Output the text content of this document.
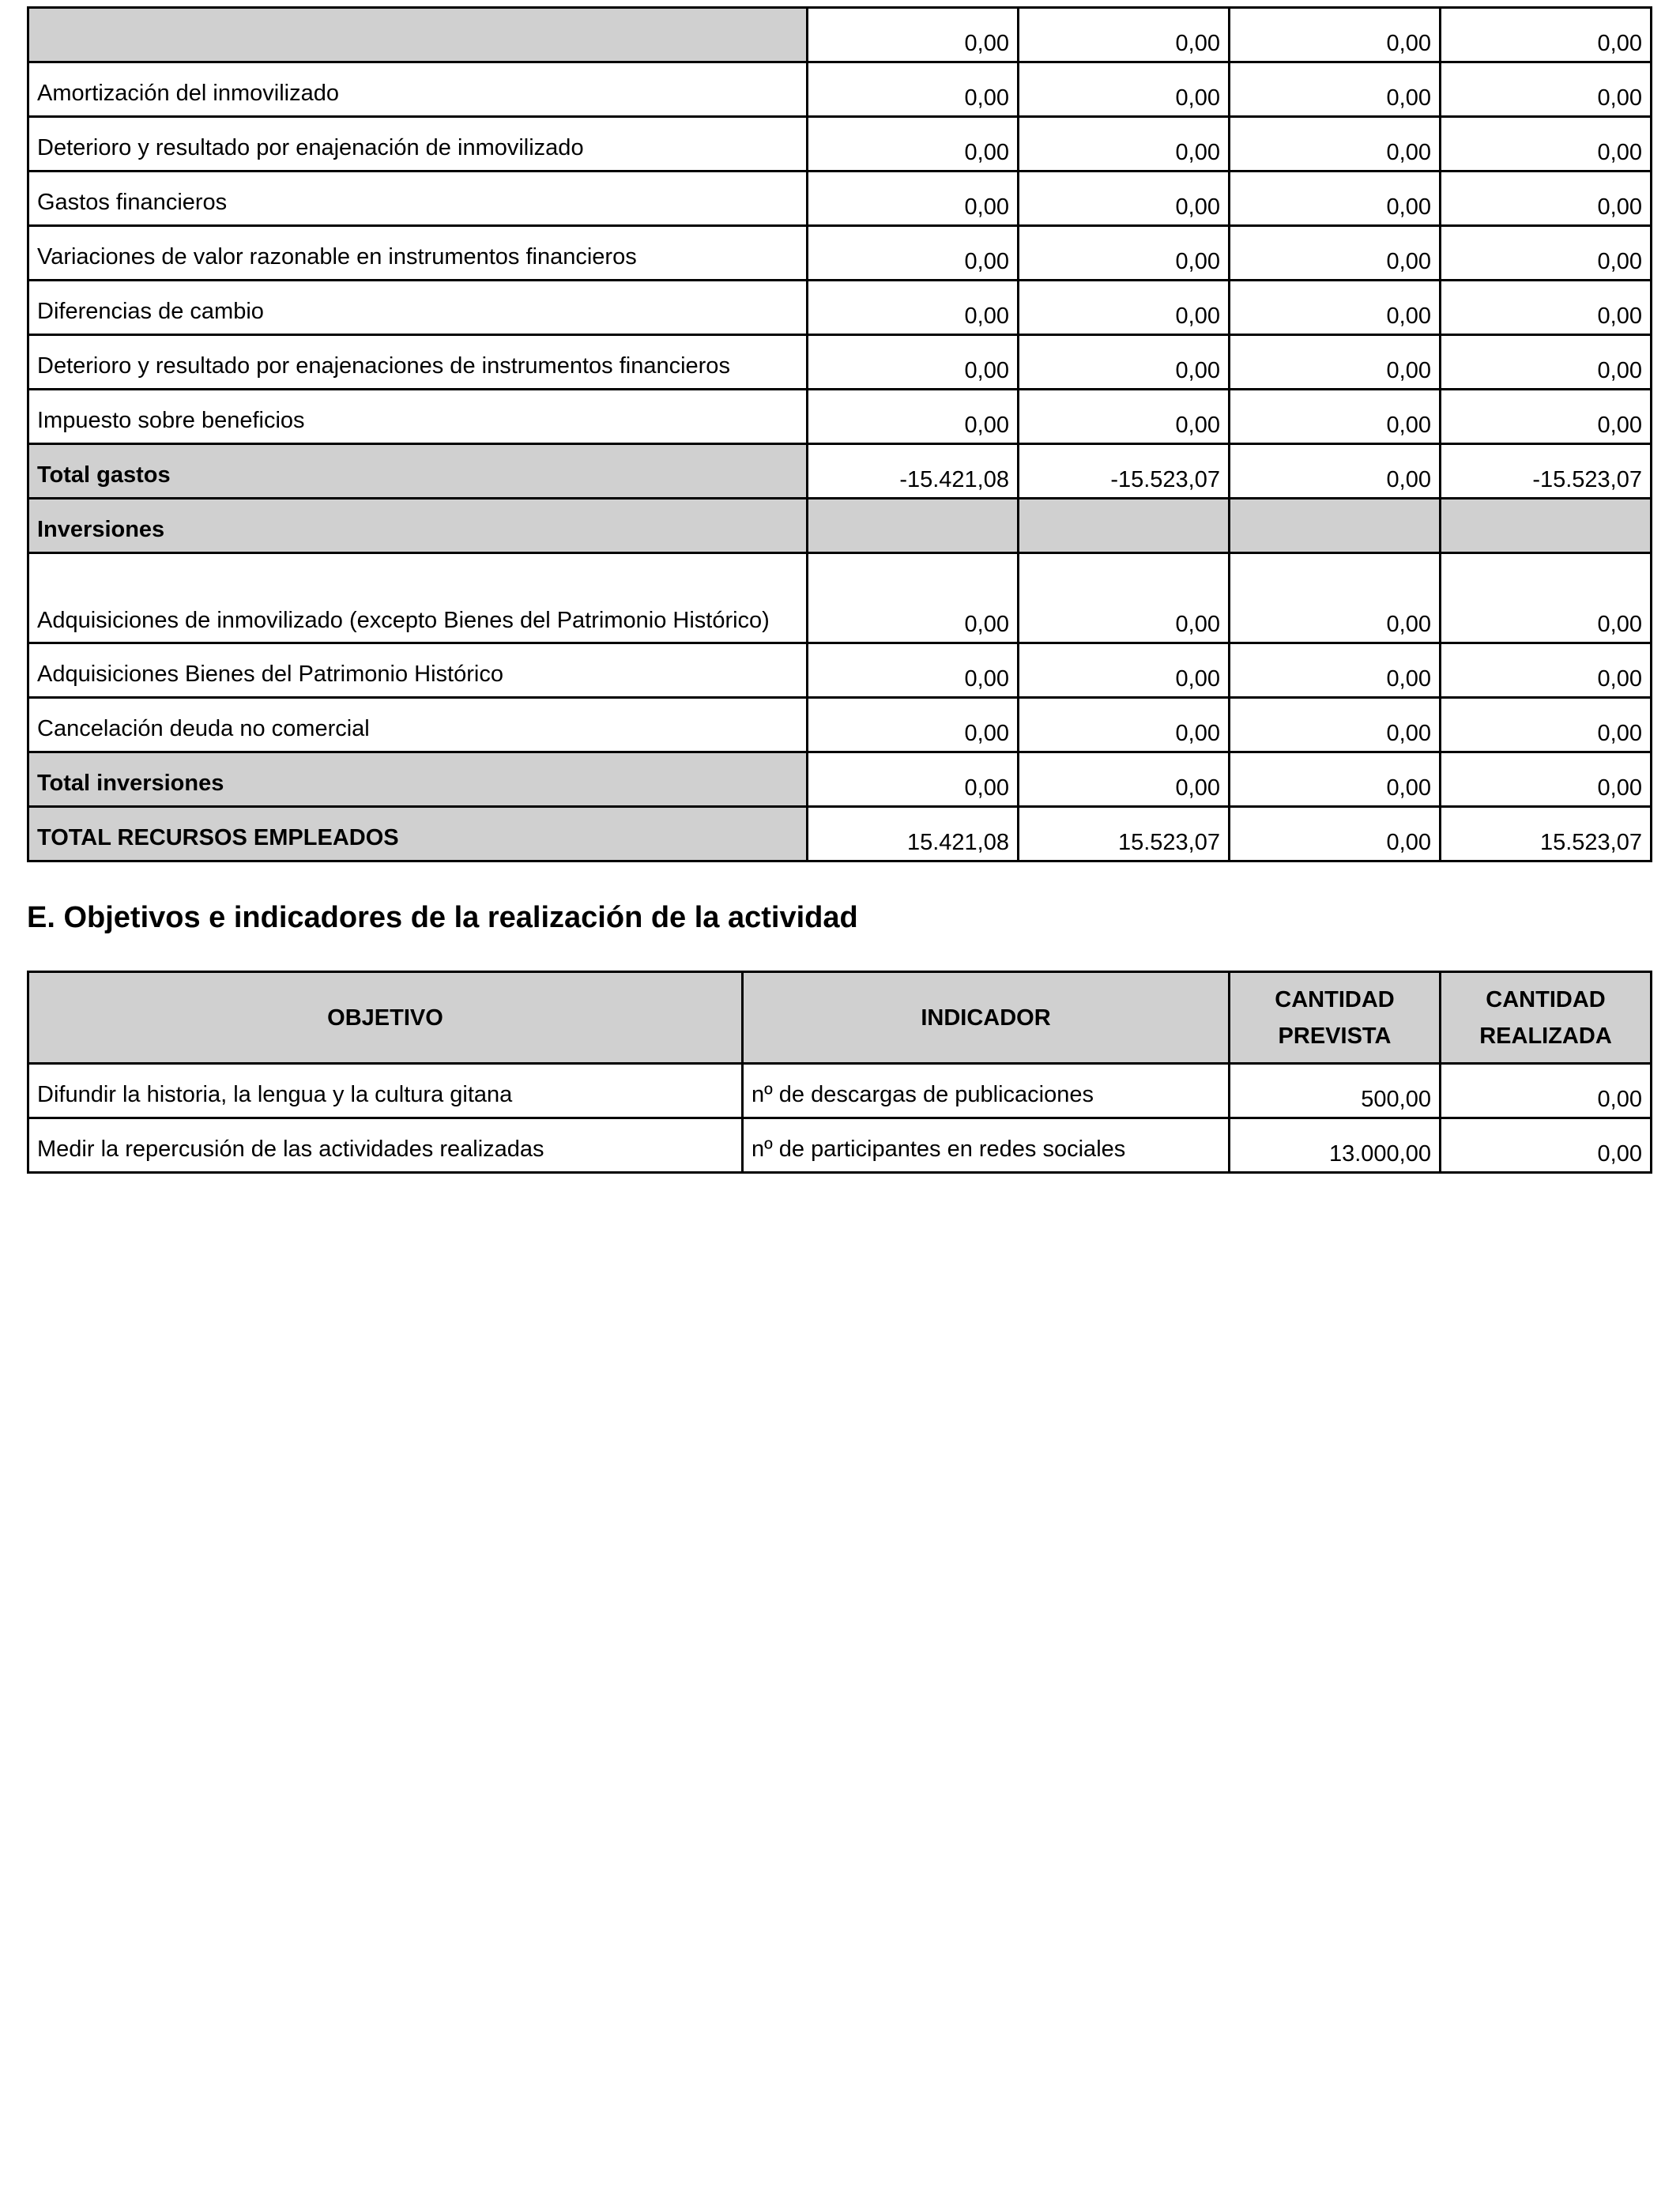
	0,00	0,00	0,00	0,00
Amortización del inmovilizado	0,00	0,00	0,00	0,00
Deterioro y resultado por enajenación de inmovilizado	0,00	0,00	0,00	0,00
Gastos financieros	0,00	0,00	0,00	0,00
Variaciones de valor razonable en instrumentos financieros	0,00	0,00	0,00	0,00
Diferencias de cambio	0,00	0,00	0,00	0,00
Deterioro y resultado por enajenaciones de instrumentos financieros	0,00	0,00	0,00	0,00
Impuesto sobre beneficios	0,00	0,00	0,00	0,00
Total gastos	-15.421,08	-15.523,07	0,00	-15.523,07
Inversiones				
Adquisiciones de inmovilizado (excepto Bienes del Patrimonio Histórico)	0,00	0,00	0,00	0,00
Adquisiciones Bienes del Patrimonio Histórico	0,00	0,00	0,00	0,00
Cancelación deuda no comercial	0,00	0,00	0,00	0,00
Total inversiones	0,00	0,00	0,00	0,00
TOTAL RECURSOS EMPLEADOS	15.421,08	15.523,07	0,00	15.523,07
E. Objetivos e indicadores de la realización de la actividad
OBJETIVO	INDICADOR	CANTIDAD PREVISTA	CANTIDAD REALIZADA
Difundir la historia, la lengua y la cultura gitana	nº de descargas de publicaciones	500,00	0,00
Medir la repercusión de las actividades realizadas	nº de participantes en redes sociales	13.000,00	0,00
